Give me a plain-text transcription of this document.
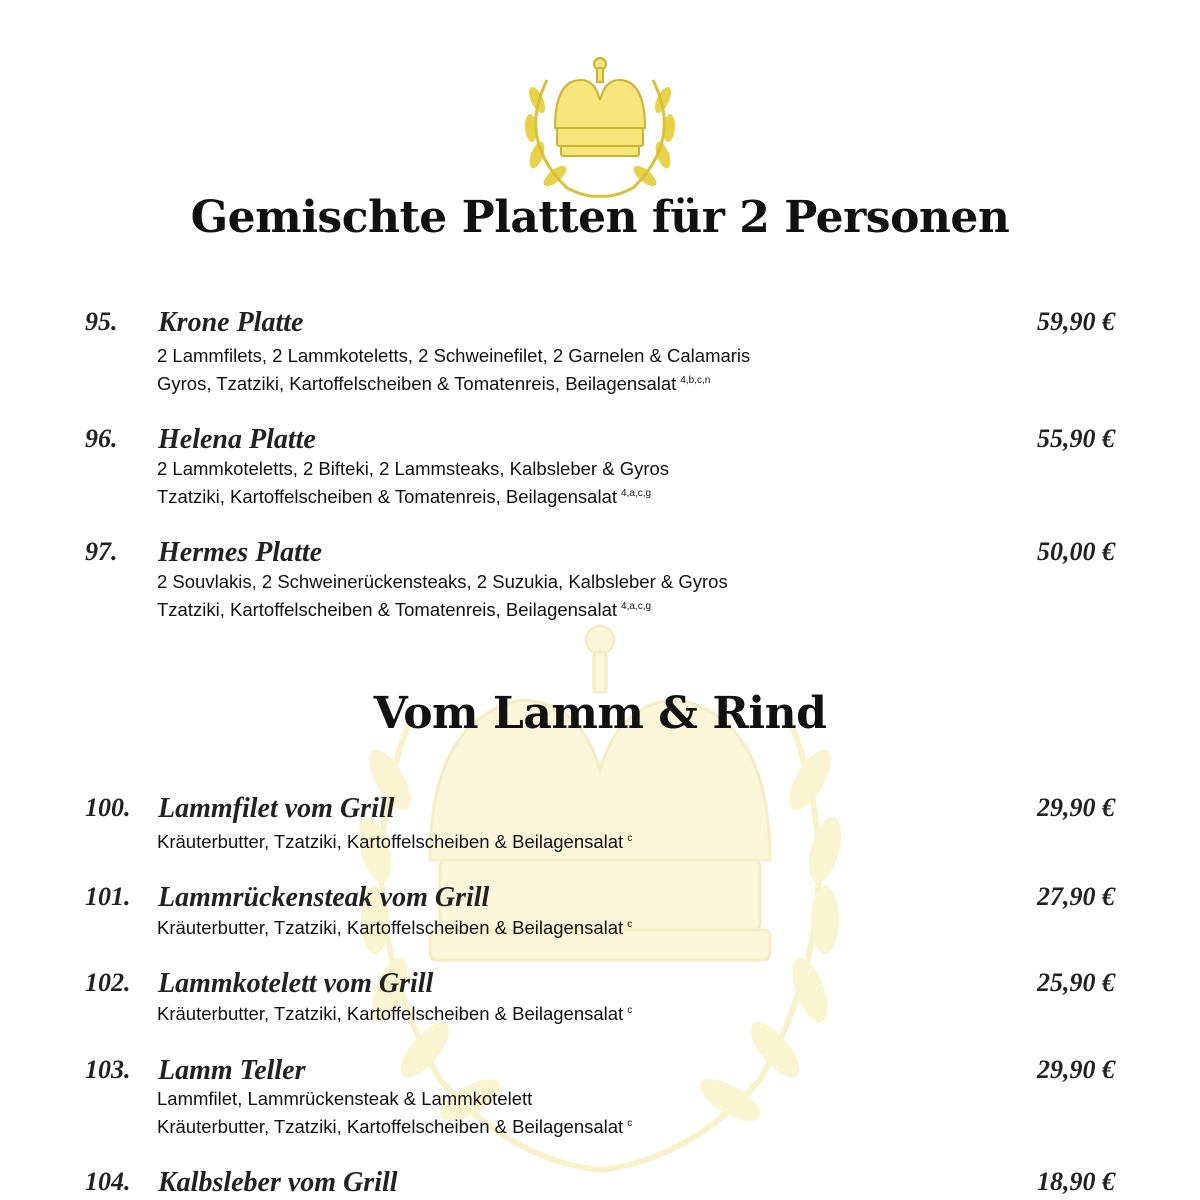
Gemischte Platten für 2 Personen
95. Krone Platte	59,90 €

2 Lammfilets, 2 Lammkoteletts, 2 Schweinefilet, 2 Garnelen & Calamaris

Gyros, Tzatziki, Kartoffelscheiben & Tomatenreis, Beilagensalat $^{4,b,c,n}$

96. Helena Platte	55,90 €

2 Lammkoteletts, 2 Bifteki, 2 Lammsteaks, Kalbsleber & Gyros

Tzatziki, Kartoffelscheiben & Tomatenreis, Beilagensalat $^{4,a,c,g}$

97. Hermes Platte	50,00 €

2 Souvlakis, 2 Schweinerückensteaks, 2 Suzukia, Kalbsleber & Gyros

Tzatziki, Kartoffelscheiben & Tomatenreis, Beilagensalat $^{4,a,c,g}$

Vom Lamm & Rind
100. Lammfilet vom Grill	29,90 €

Kräuterbutter, Tzatziki, Kartoffelscheiben & Beilagensalat $^c$

101. Lammrückensteak vom Grill	27,90 €

Kräuterbutter, Tzatziki, Kartoffelscheiben & Beilagensalat $^c$

102. Lammkotelett vom Grill	25,90 €

Kräuterbutter, Tzatziki, Kartoffelscheiben & Beilagensalat $^c$

103. Lamm Teller	29,90 €

Lammfilet, Lammrückensteak & Lammkotelett

Kräuterbutter, Tzatziki, Kartoffelscheiben & Beilagensalat $^c$

104. Kalbsleber vom Grill	18,90 €
